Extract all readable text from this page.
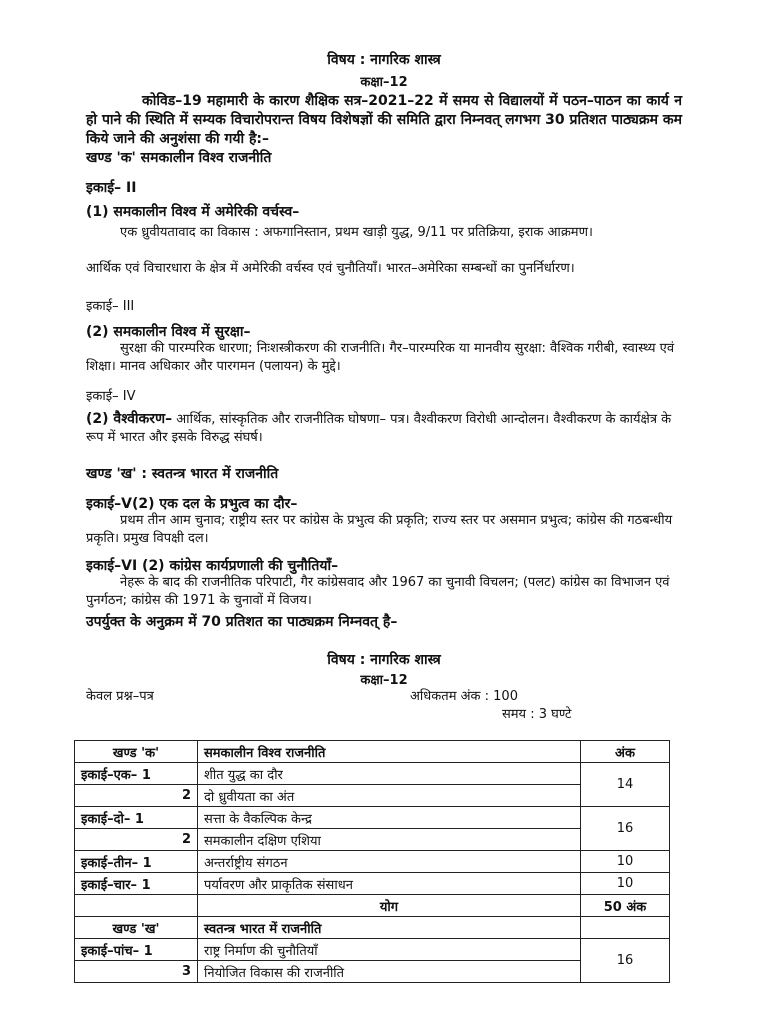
विषय : नागरिक शास्त्र
कक्षा–12
कोविड–19 महामारी के कारण शैक्षिक सत्र–2021–22 में समय से विद्यालयों में पठन–पाठन का कार्य न हो पाने की स्थिति में सम्यक विचारोपरान्त विषय विशेषज्ञों की समिति द्वारा निम्नवत् लगभग 30 प्रतिशत पाठ्यक्रम कम किये जाने की अनुशंसा की गयी है:–
खण्ड 'क' समकालीन विश्व राजनीति
इकाई– II
(1) समकालीन विश्व में अमेरिकी वर्चस्व–
एक ध्रुवीयतावाद का विकास : अफगानिस्तान, प्रथम खाड़ी युद्ध, 9/11 पर प्रतिक्रिया, इराक आक्रमण।
आर्थिक एवं विचारधारा के क्षेत्र में अमेरिकी वर्चस्व एवं चुनौतियाँ। भारत–अमेरिका सम्बन्धों का पुनर्निर्धारण।
इकाई– III
(2) समकालीन विश्व में सुरक्षा–
सुरक्षा की पारम्परिक धारणा; निःशस्त्रीकरण की राजनीति। गैर–पारम्परिक या मानवीय सुरक्षा: वैश्विक गरीबी, स्वास्थ्य एवं शिक्षा। मानव अधिकार और पारगमन (पलायन) के मुद्दे।
इकाई– IV
(2) वैश्वीकरण– आर्थिक, सांस्कृतिक और राजनीतिक घोषणा– पत्र। वैश्वीकरण विरोधी आन्दोलन। वैश्वीकरण के कार्यक्षेत्र के रूप में भारत और इसके विरुद्ध संघर्ष।
खण्ड 'ख' : स्वतन्त्र भारत में राजनीति
इकाई–V(2) एक दल के प्रभुत्व का दौर–
प्रथम तीन आम चुनाव; राष्ट्रीय स्तर पर कांग्रेस के प्रभुत्व की प्रकृति; राज्य स्तर पर असमान प्रभुत्व; कांग्रेस की गठबन्धीय प्रकृति। प्रमुख विपक्षी दल।
इकाई–VI (2) कांग्रेस कार्यप्रणाली की चुनौतियाँ–
नेहरू के बाद की राजनीतिक परिपाटी, गैर कांग्रेसवाद और 1967 का चुनावी विचलन; (पलट) कांग्रेस का विभाजन एवं पुनर्गठन; कांग्रेस की 1971 के चुनावों में विजय।
उपर्युक्त के अनुक्रम में 70 प्रतिशत का पाठ्यक्रम निम्नवत् है–
विषय : नागरिक शास्त्र
कक्षा–12
केवल प्रश्न–पत्र	अधिकतम अंक : 100
समय : 3 घण्टे
खण्ड 'क'	समकालीन विश्व राजनीति	अंक
इकाई–एक– 1	शीत युद्ध का दौर	14
2	दो ध्रुवीयता का अंत	
इकाई–दो– 1	सत्ता के वैकल्पिक केन्द्र	16
2	समकालीन दक्षिण एशिया	
इकाई–तीन– 1	अन्तर्राष्ट्रीय संगठन	10
इकाई–चार– 1	पर्यावरण और प्राकृतिक संसाधन	10
	योग	50 अंक
खण्ड 'ख'	स्वतन्त्र भारत में राजनीति	
इकाई–पांच– 1	राष्ट्र निर्माण की चुनौतियाँ	16
3	नियोजित विकास की राजनीति	
